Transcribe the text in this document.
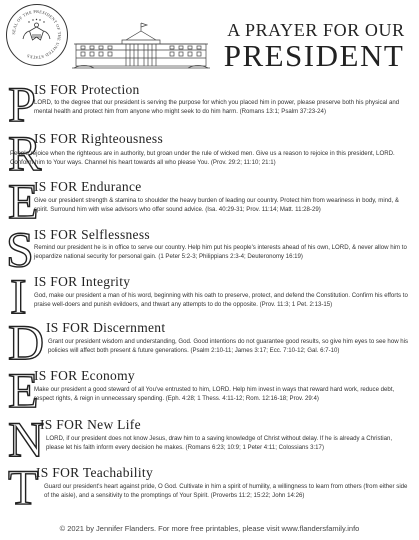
SEAL OF THE PRESIDENT OF THE UNITED STATES
A PRAYER FOR OUR
PRESIDENT
P
IS FOR Protection
LORD, to the degree that our president is serving the purpose for which you placed him in power, please preserve both his physical and mental health and protect him from anyone who might seek to do him harm. (Romans 13:1; Psalm 37:23-24)
R
IS FOR Righteousness
People rejoice when the righteous are in authority, but groan under the rule of wicked men. Give us a reason to rejoice in this president, LORD. Conform him to Your ways. Channel his heart towards all who please You. (Prov. 29:2; 11:10; 21:1)
E
IS FOR Endurance
Give our president strength & stamina to shoulder the heavy burden of leading our country. Protect him from weariness in body, mind, & spirit. Surround him with wise advisors who offer sound advice. (Isa. 40:29-31; Prov. 11:14; Matt. 11:28-29)
S IS FOR Selflessness
Remind our president he is in office to serve our country. Help him put his people's interests ahead of his own, LORD, & never allow him to jeopardize national security for personal gain. (1 Peter 5:2-3; Philippians 2:3-4; Deuteronomy 16:19)
I IS FOR Integrity
God, make our president a man of his word, beginning with his oath to preserve, protect, and defend the Constitution. Confirm his efforts to praise well-doers and punish evildoers, and thwart any attempts to do the opposite. (Prov. 11:3; 1 Pet. 2:13-15)
D IS FOR Discernment
Grant our president wisdom and understanding, God. Good intentions do not guarantee good results, so give him eyes to see how his policies will affect both present & future generations. (Psalm 2:10-11; James 3:17; Ecc. 7:10-12; Gal. 6:7-10)
E
IS FOR Economy
Make our president a good steward of all You've entrusted to him, LORD. Help him invest in ways that reward hard work, reduce debt, respect rights, & reign in unnecessary spending. (Eph. 4:28; 1 Thess. 4:11-12; Rom. 12:16-18; Prov. 29:4)
N
IS FOR New Life
LORD, if our president does not know Jesus, draw him to a saving knowledge of Christ without delay. If he is already a Christian, please let his faith inform every decision he makes. (Romans 6:23; 10:9; 1 Peter 4:11; Colossians 3:17)
T
IS FOR Teachability
Guard our president's heart against pride, O God. Cultivate in him a spirit of humility, a willingness to learn from others (from either side of the aisle), and a sensitivity to the promptings of Your Spirit. (Proverbs 11:2; 15:22; John 14:26)
© 2021 by Jennifer Flanders. For more free printables, please visit www.flandersfamily.info
